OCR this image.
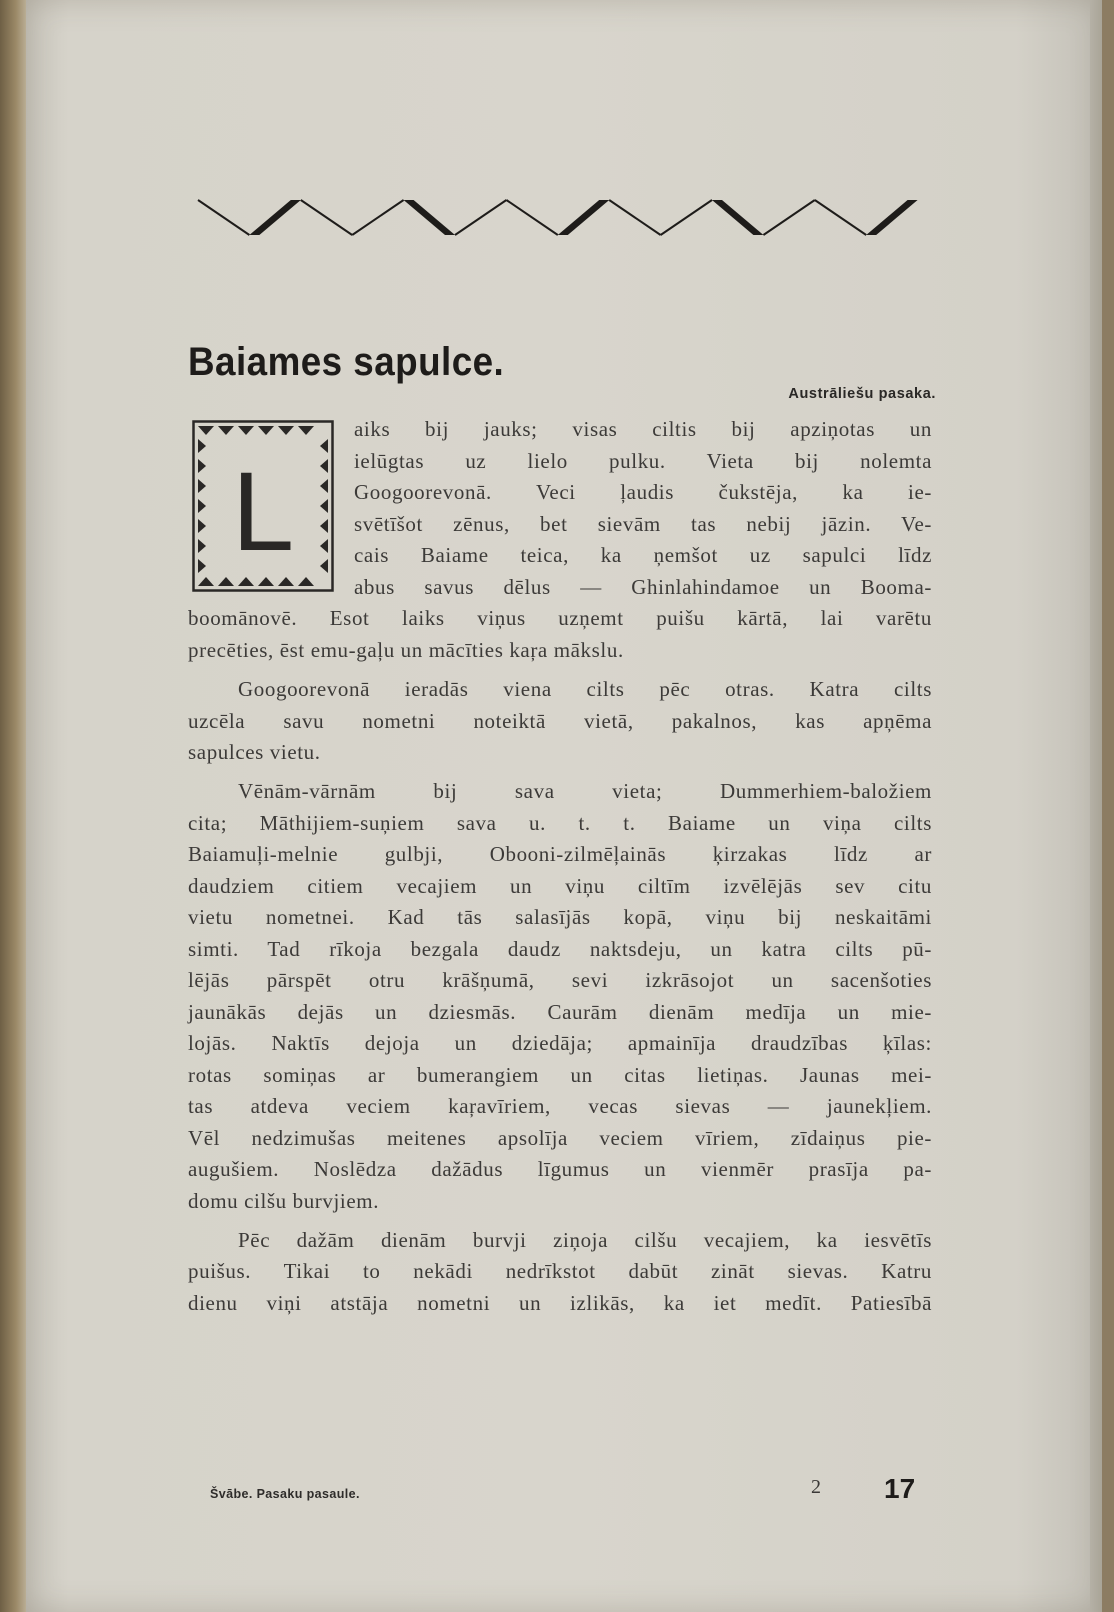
Baiames sapulce.
Austrāliešu pasaka.
L
aiks bij jauks; visas ciltis bij apziņotas un
ielūgtas uz lielo pulku. Vieta bij nolemta
Googoorevonā. Veci ļaudis čukstēja, ka ie-
svētīšot zēnus, bet sievām tas nebij jāzin. Ve-
cais Baiame teica, ka ņemšot uz sapulci līdz
abus savus dēlus — Ghinlahindamoe un Booma-
boomānovē. Esot laiks viņus uzņemt puišu kārtā, lai varētu
precēties, ēst emu-gaļu un mācīties kaŗa mākslu.
Googoorevonā ieradās viena cilts pēc otras. Katra cilts
uzcēla savu nometni noteiktā vietā, pakalnos, kas apņēma
sapulces vietu.
Vēnām-vārnām bij sava vieta; Dummerhiem-baložiem
cita; Māthijiem-suņiem sava u. t. t. Baiame un viņa cilts
Baiamuļi-melnie gulbji, Obooni-zilmēļainās ķirzakas līdz ar
daudziem citiem vecajiem un viņu ciltīm izvēlējās sev citu
vietu nometnei. Kad tās salasījās kopā, viņu bij neskaitāmi
simti. Tad rīkoja bezgala daudz naktsdeju, un katra cilts pū-
lējās pārspēt otru krāšņumā, sevi izkrāsojot un sacenšoties
jaunākās dejās un dziesmās. Caurām dienām medīja un mie-
lojās. Naktīs dejoja un dziedāja; apmainīja draudzības ķīlas:
rotas somiņas ar bumerangiem un citas lietiņas. Jaunas mei-
tas atdeva veciem kaŗavīriem, vecas sievas — jaunekļiem.
Vēl nedzimušas meitenes apsolīja veciem vīriem, zīdaiņus pie-
augušiem. Noslēdza dažādus līgumus un vienmēr prasīja pa-
domu cilšu burvjiem.
Pēc dažām dienām burvji ziņoja cilšu vecajiem, ka iesvētīs
puišus. Tikai to nekādi nedrīkstot dabūt zināt sievas. Katru
dienu viņi atstāja nometni un izlikās, ka iet medīt. Patiesībā
Švābe. Pasaku pasaule.	2 17
